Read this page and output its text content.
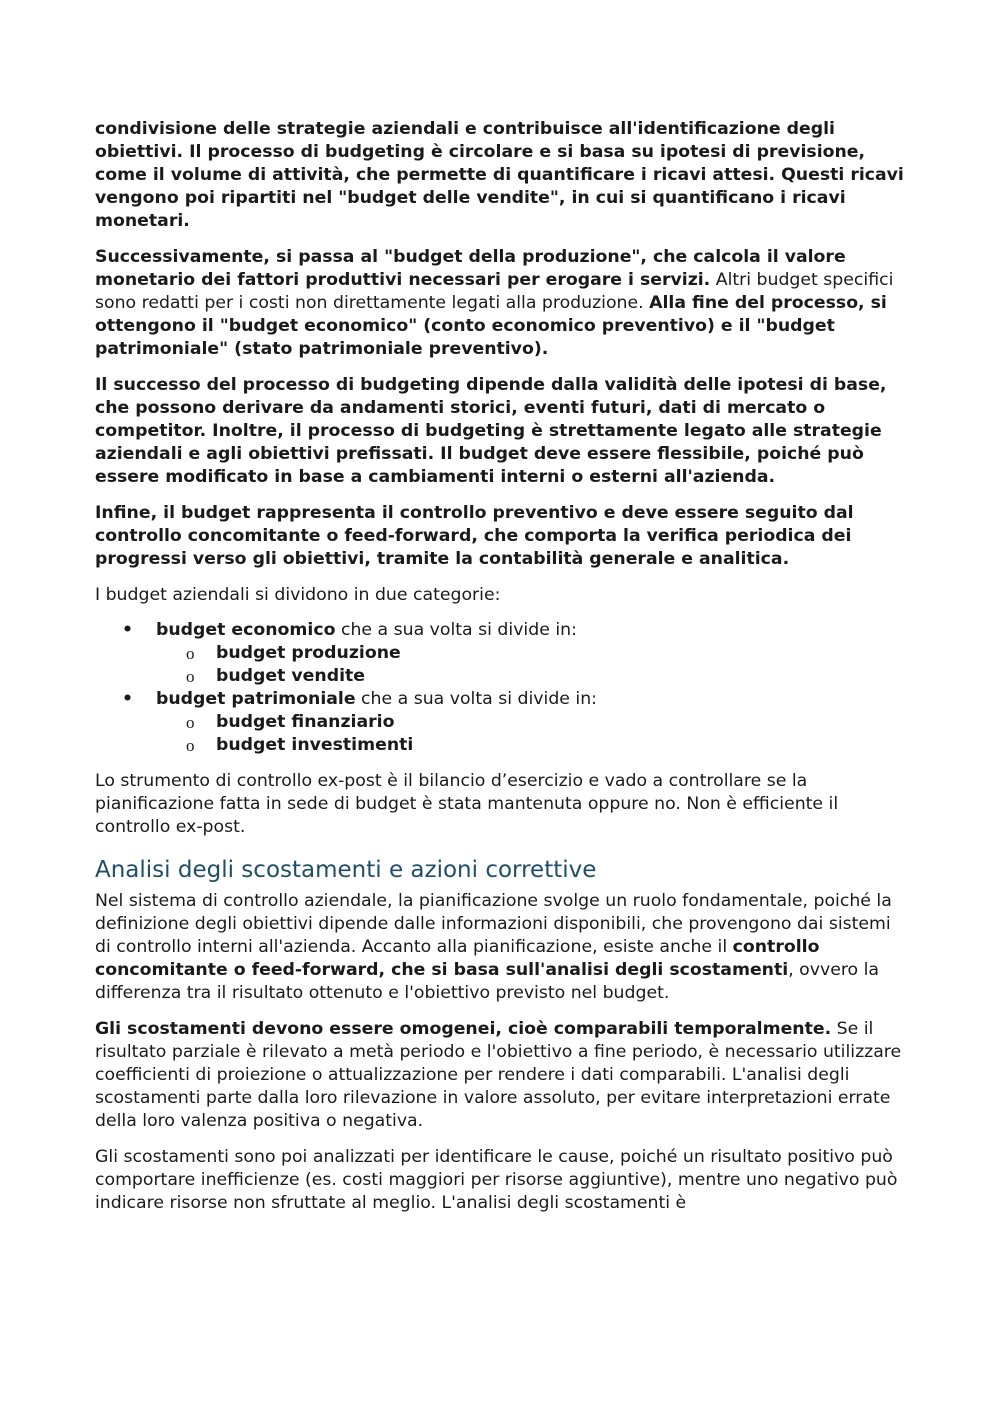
condivisione delle strategie aziendali e contribuisce all'identificazione degli obiettivi. Il processo di budgeting è circolare e si basa su ipotesi di previsione, come il volume di attività, che permette di quantificare i ricavi attesi. Questi ricavi vengono poi ripartiti nel "budget delle vendite", in cui si quantificano i ricavi monetari.

Successivamente, si passa al "budget della produzione", che calcola il valore monetario dei fattori produttivi necessari per erogare i servizi. Altri budget specifici sono redatti per i costi non direttamente legati alla produzione. Alla fine del processo, si ottengono il "budget economico" (conto economico preventivo) e il "budget patrimoniale" (stato patrimoniale preventivo).

Il successo del processo di budgeting dipende dalla validità delle ipotesi di base, che possono derivare da andamenti storici, eventi futuri, dati di mercato o competitor. Inoltre, il processo di budgeting è strettamente legato alle strategie aziendali e agli obiettivi prefissati. Il budget deve essere flessibile, poiché può essere modificato in base a cambiamenti interni o esterni all'azienda.

Infine, il budget rappresenta il controllo preventivo e deve essere seguito dal controllo concomitante o feed-forward, che comporta la verifica periodica dei progressi verso gli obiettivi, tramite la contabilità generale e analitica.

I budget aziendali si dividono in due categorie:

• budget economico che a sua volta si divide in:
o budget produzione
o budget vendite
• budget patrimoniale che a sua volta si divide in:
o budget finanziario
o budget investimenti

Lo strumento di controllo ex-post è il bilancio d’esercizio e vado a controllare se la pianificazione fatta in sede di budget è stata mantenuta oppure no. Non è efficiente il controllo ex-post.

Analisi degli scostamenti e azioni correttive

Nel sistema di controllo aziendale, la pianificazione svolge un ruolo fondamentale, poiché la definizione degli obiettivi dipende dalle informazioni disponibili, che provengono dai sistemi di controllo interni all'azienda. Accanto alla pianificazione, esiste anche il controllo concomitante o feed-forward, che si basa sull'analisi degli scostamenti, ovvero la differenza tra il risultato ottenuto e l'obiettivo previsto nel budget.

Gli scostamenti devono essere omogenei, cioè comparabili temporalmente. Se il risultato parziale è rilevato a metà periodo e l'obiettivo a fine periodo, è necessario utilizzare coefficienti di proiezione o attualizzazione per rendere i dati comparabili. L'analisi degli scostamenti parte dalla loro rilevazione in valore assoluto, per evitare interpretazioni errate della loro valenza positiva o negativa.

Gli scostamenti sono poi analizzati per identificare le cause, poiché un risultato positivo può comportare inefficienze (es. costi maggiori per risorse aggiuntive), mentre uno negativo può indicare risorse non sfruttate al meglio. L'analisi degli scostamenti è
